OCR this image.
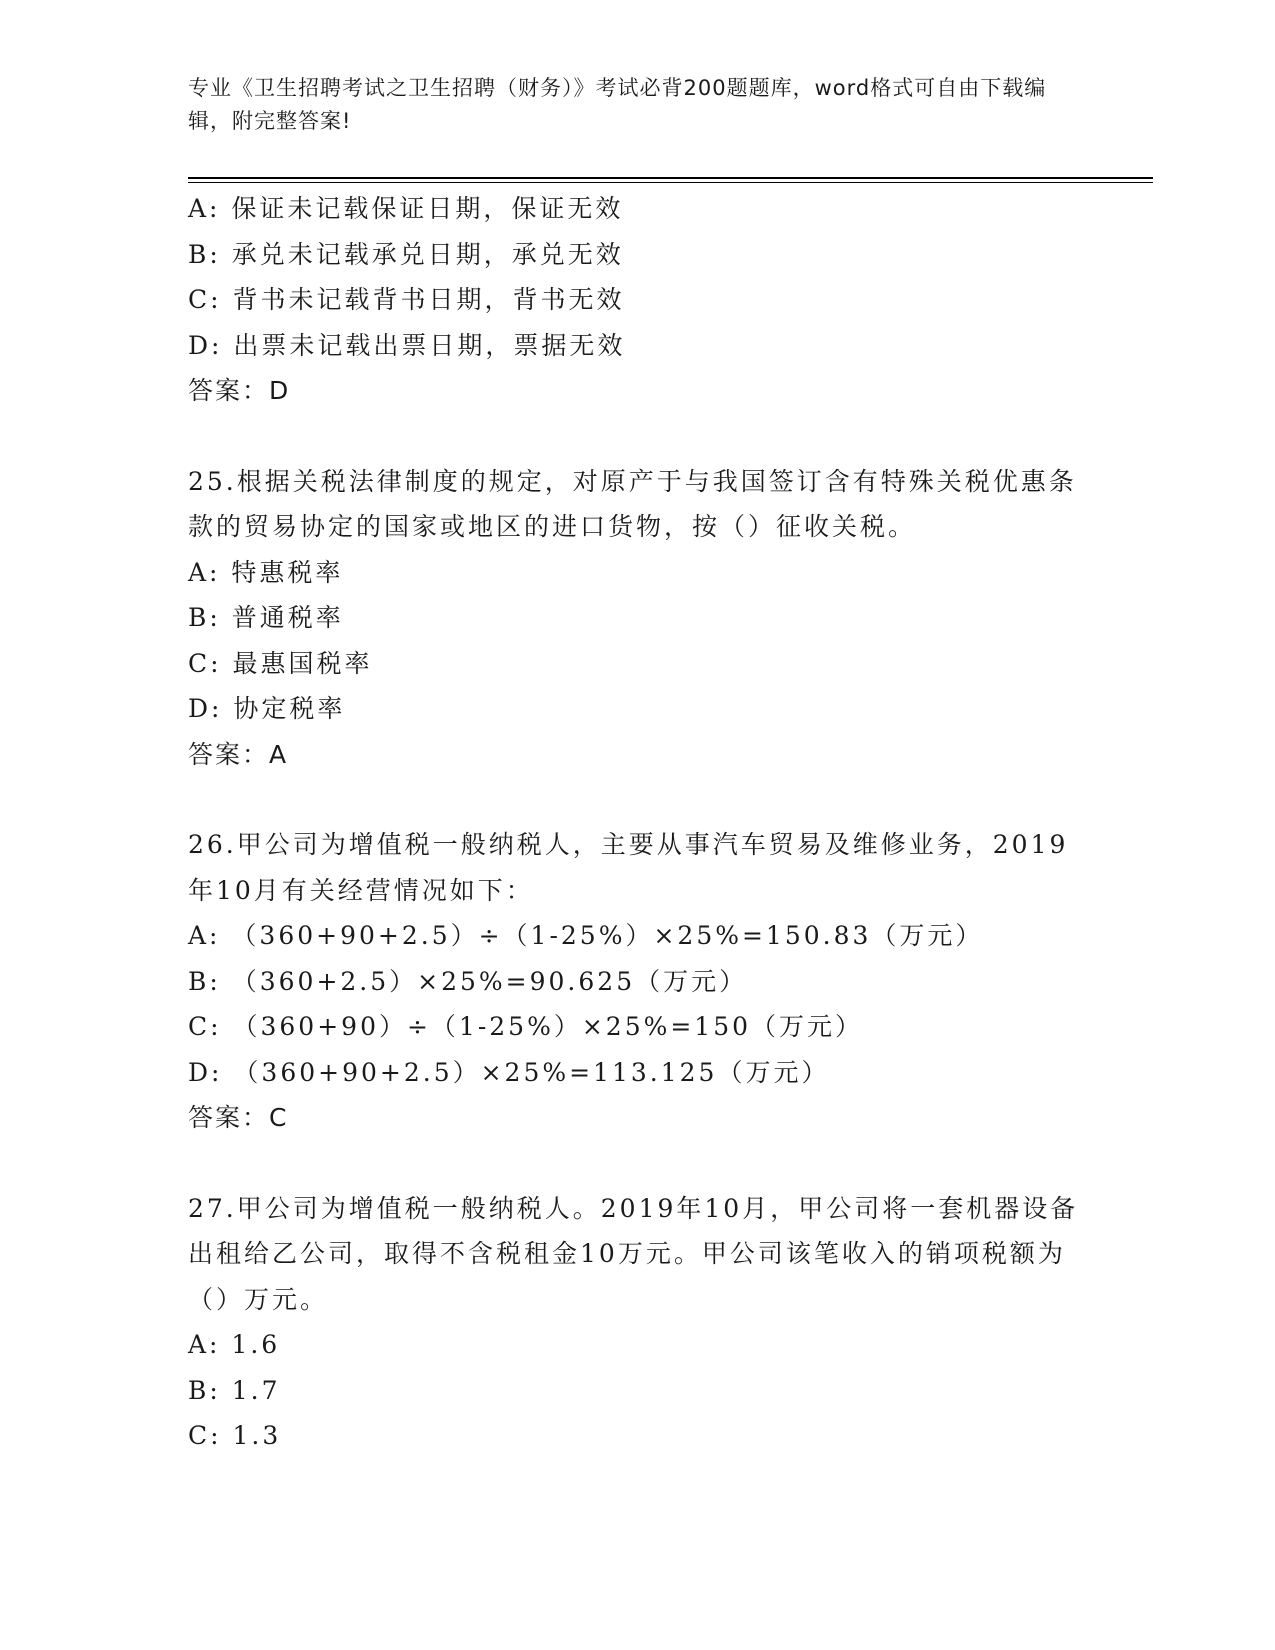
专业《卫生招聘考试之卫生招聘（财务）》考试必背200题题库，word格式可自由下载编辑，附完整答案!
A: 保证未记载保证日期，保证无效
B: 承兑未记载承兑日期，承兑无效
C: 背书未记载背书日期，背书无效
D: 出票未记载出票日期，票据无效
答案：D
25.根据关税法律制度的规定，对原产于与我国签订含有特殊关税优惠条款的贸易协定的国家或地区的进口货物，按（）征收关税。
A: 特惠税率
B: 普通税率
C: 最惠国税率
D: 协定税率
答案：A
26.甲公司为增值税一般纳税人，主要从事汽车贸易及维修业务，2019年10月有关经营情况如下：
A: （360+90+2.5）÷（1-25%）×25%=150.83（万元）
B: （360+2.5）×25%=90.625（万元）
C: （360+90）÷（1-25%）×25%=150（万元）
D: （360+90+2.5）×25%=113.125（万元）
答案：C
27.甲公司为增值税一般纳税人。2019年10月，甲公司将一套机器设备出租给乙公司，取得不含税租金10万元。甲公司该笔收入的销项税额为（）万元。
A: 1.6
B: 1.7
C: 1.3
